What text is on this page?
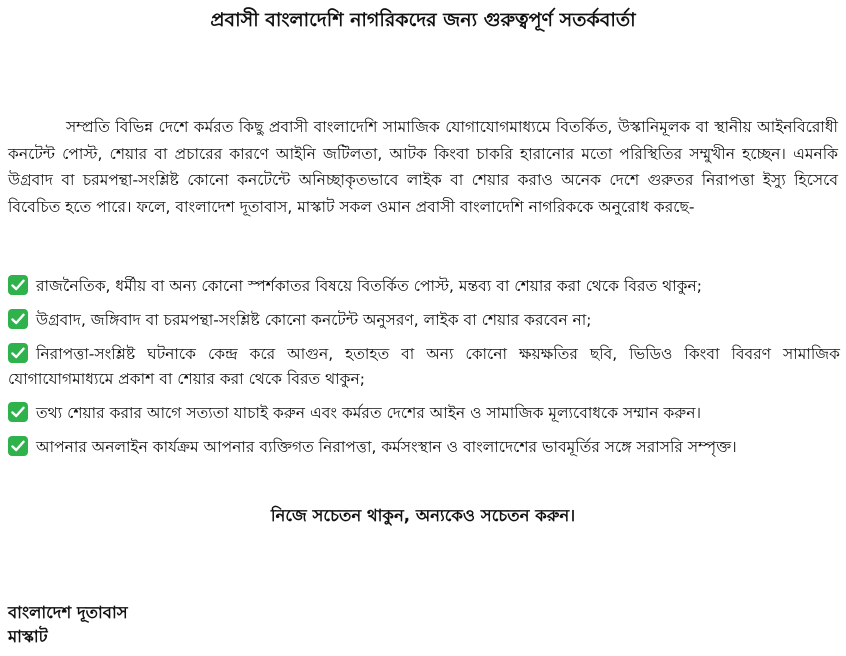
প্রবাসী বাংলাদেশি নাগরিকদের জন্য গুরুত্বপূর্ণ সতর্কবার্তা

সম্প্রতি বিভিন্ন দেশে কর্মরত কিছু প্রবাসী বাংলাদেশি সামাজিক যোগাযোগমাধ্যমে বিতর্কিত, উস্কানিমূলক বা স্থানীয় আইনবিরোধী কনটেন্ট পোস্ট, শেয়ার বা প্রচারের কারণে আইনি জটিলতা, আটক কিংবা চাকরি হারানোর মতো পরিস্থিতির সম্মুখীন হচ্ছেন। এমনকি উগ্রবাদ বা চরমপন্থা-সংশ্লিষ্ট কোনো কনটেন্টে অনিচ্ছাকৃতভাবে লাইক বা শেয়ার করাও অনেক দেশে গুরুতর নিরাপত্তা ইস্যু হিসেবে বিবেচিত হতে পারে। ফলে, বাংলাদেশ দূতাবাস, মাস্কাট সকল ওমান প্রবাসী বাংলাদেশি নাগরিককে অনুরোধ করছে-

রাজনৈতিক, ধর্মীয় বা অন্য কোনো স্পর্শকাতর বিষয়ে বিতর্কিত পোস্ট, মন্তব্য বা শেয়ার করা থেকে বিরত থাকুন;
উগ্রবাদ, জঙ্গিবাদ বা চরমপন্থা-সংশ্লিষ্ট কোনো কনটেন্ট অনুসরণ, লাইক বা শেয়ার করবেন না;
নিরাপত্তা-সংশ্লিষ্ট ঘটনাকে কেন্দ্র করে আগুন, হতাহত বা অন্য কোনো ক্ষয়ক্ষতির ছবি, ভিডিও কিংবা বিবরণ সামাজিক যোগাযোগমাধ্যমে প্রকাশ বা শেয়ার করা থেকে বিরত থাকুন;
তথ্য শেয়ার করার আগে সত্যতা যাচাই করুন এবং কর্মরত দেশের আইন ও সামাজিক মূল্যবোধকে সম্মান করুন।
আপনার অনলাইন কার্যক্রম আপনার ব্যক্তিগত নিরাপত্তা, কর্মসংস্থান ও বাংলাদেশের ভাবমূর্তির সঙ্গে সরাসরি সম্পৃক্ত।
নিজে সচেতন থাকুন, অন্যকেও সচেতন করুন।
বাংলাদেশ দূতাবাস
মাস্কাট
